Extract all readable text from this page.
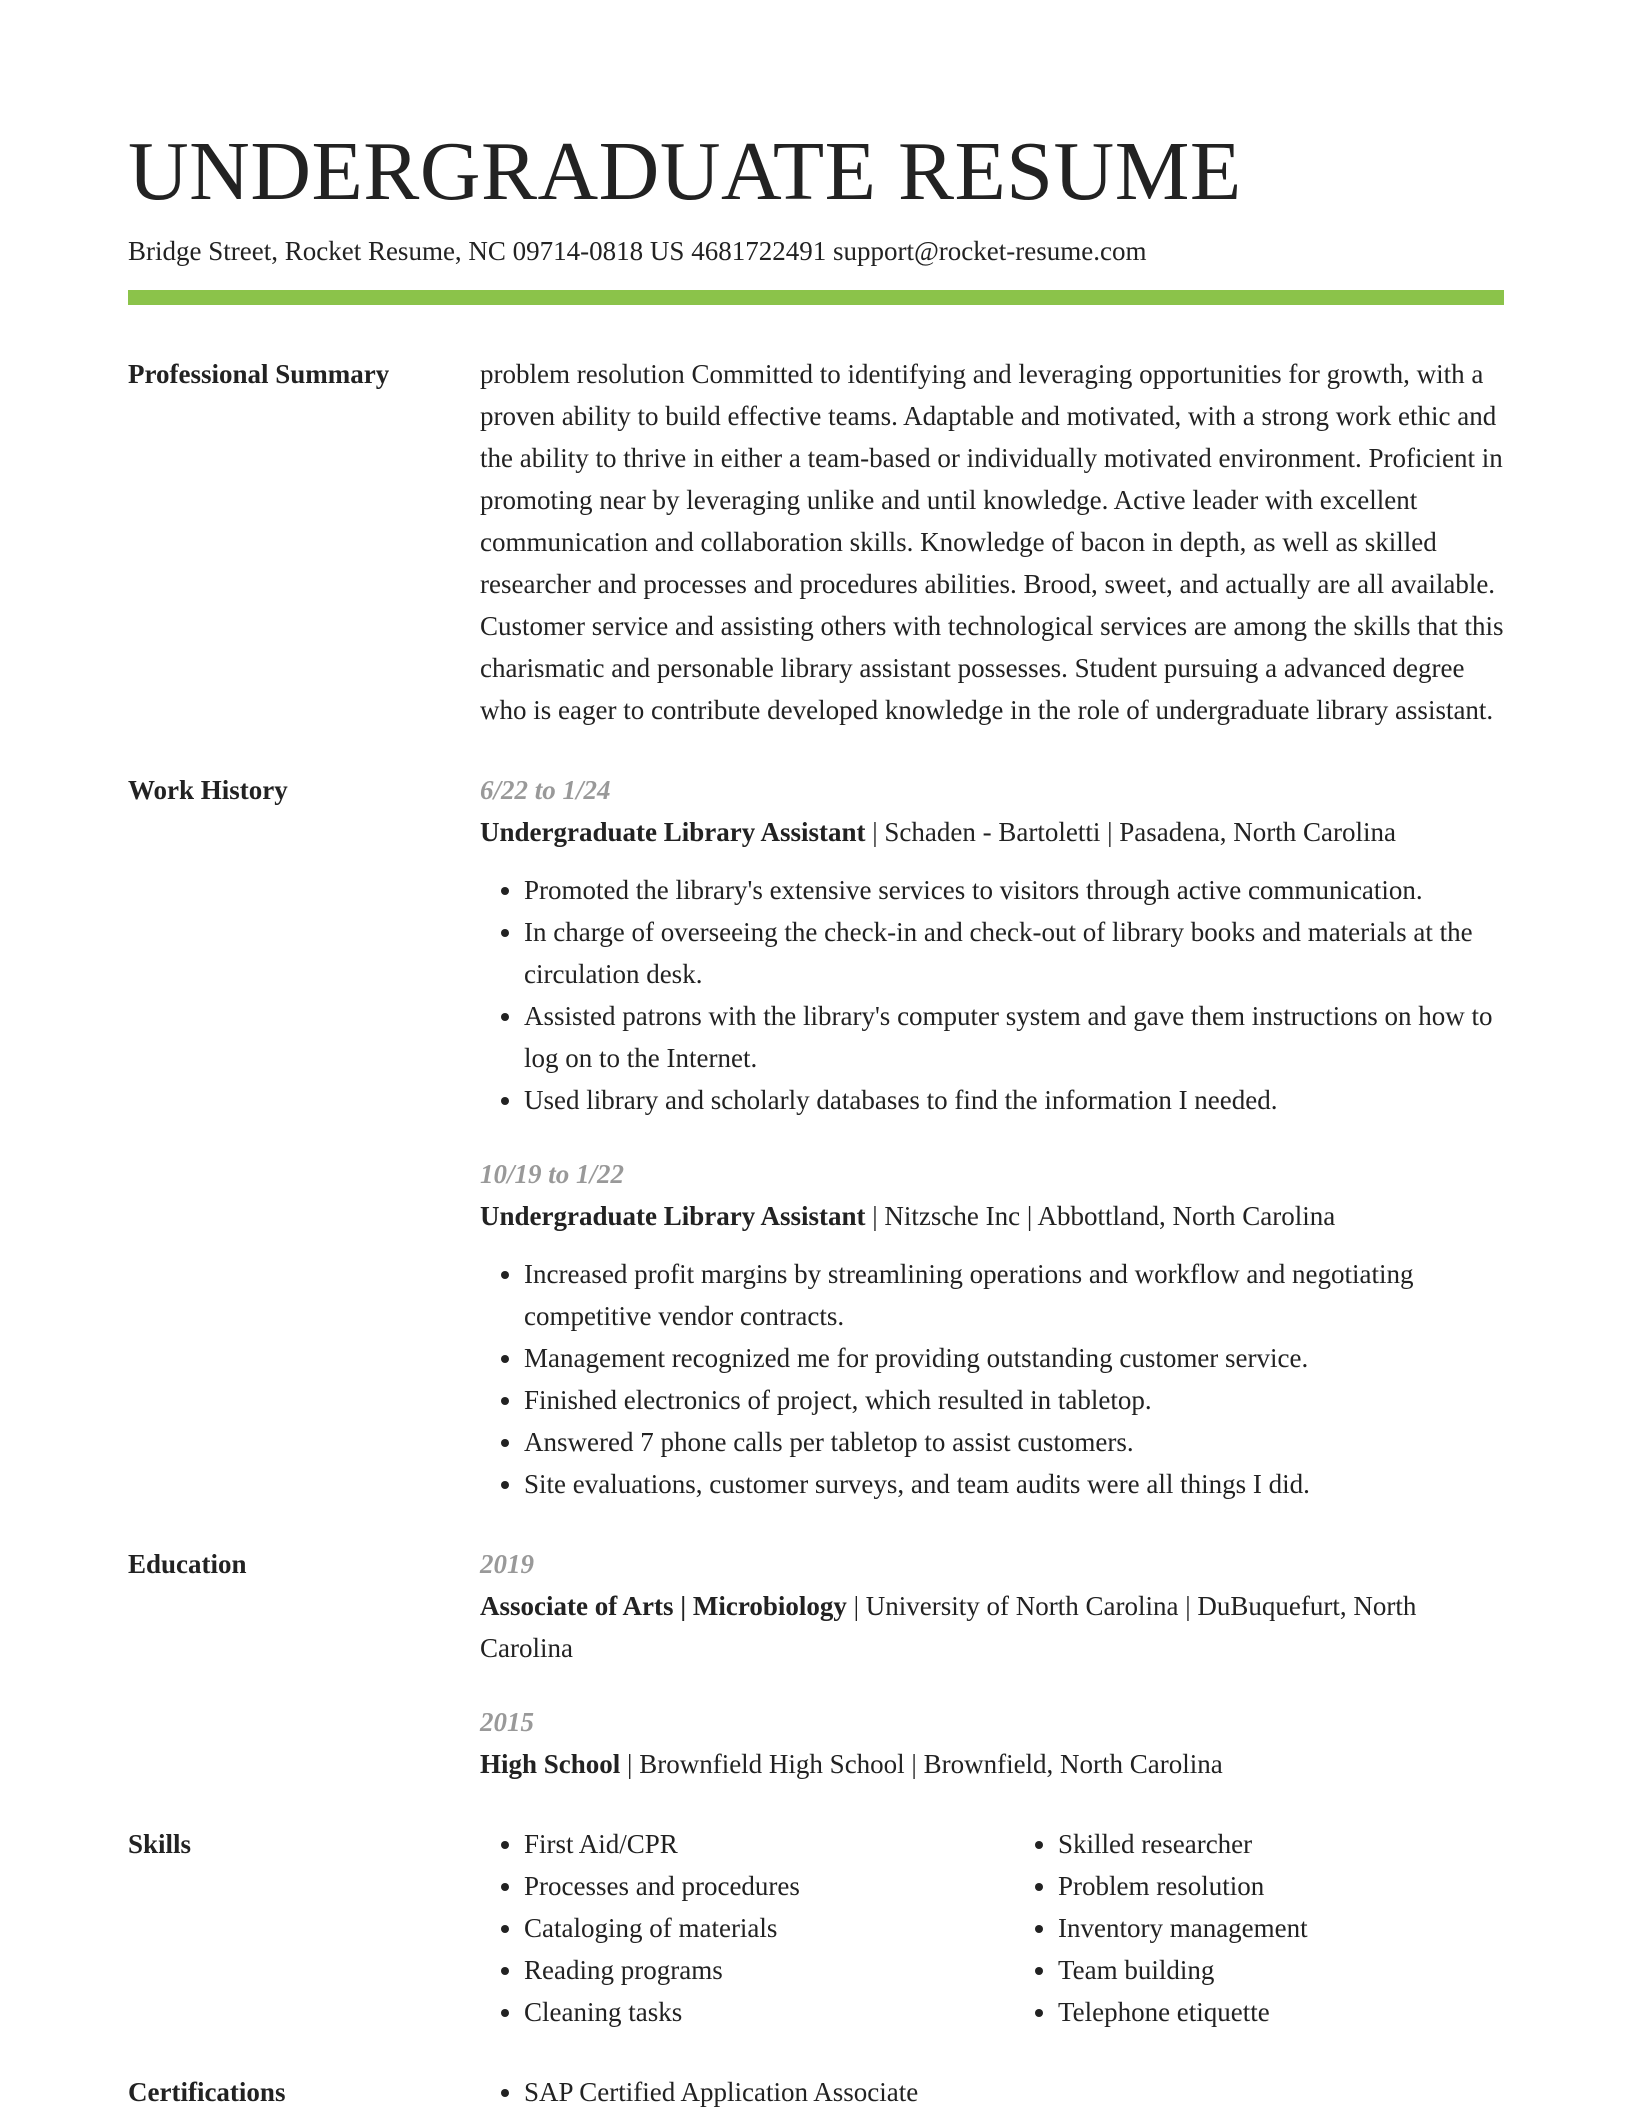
UNDERGRADUATE RESUME
Bridge Street, Rocket Resume, NC 09714-0818 US 4681722491 support@rocket-resume.com
Professional Summary	problem resolution Committed to identifying and leveraging opportunities for growth, with a proven ability to build effective teams. Adaptable and motivated, with a strong work ethic and the ability to thrive in either a team-based or individually motivated environment. Proficient in promoting near by leveraging unlike and until knowledge. Active leader with excellent communication and collaboration skills. Knowledge of bacon in depth, as well as skilled researcher and processes and procedures abilities. Brood, sweet, and actually are all available. Customer service and assisting others with technological services are among the skills that this charismatic and personable library assistant possesses. Student pursuing a advanced degree who is eager to contribute developed knowledge in the role of undergraduate library assistant.

Work History	6/22 to 1/24

Undergraduate Library Assistant | Schaden - Bartoletti | Pasadena, North Carolina

• Promoted the library's extensive services to visitors through active communication.
• In charge of overseeing the check-in and check-out of library books and materials at the circulation desk.
• Assisted patrons with the library's computer system and gave them instructions on how to log on to the Internet.
• Used library and scholarly databases to find the information I needed.
10/19 to 1/22

Undergraduate Library Assistant | Nitzsche Inc | Abbottland, North Carolina

• Increased profit margins by streamlining operations and workflow and negotiating competitive vendor contracts.
• Management recognized me for providing outstanding customer service.
• Finished electronics of project, which resulted in tabletop.
• Answered 7 phone calls per tabletop to assist customers.
• Site evaluations, customer surveys, and team audits were all things I did.
Education	2019

Associate of Arts | Microbiology | University of North Carolina | DuBuquefurt, North Carolina

2015

High School | Brownfield High School | Brownfield, North Carolina

Skills	• First Aid/CPR
• Processes and procedures
• Cataloging of materials
• Reading programs
• Cleaning tasks
• Skilled researcher
• Problem resolution
• Inventory management
• Team building
• Telephone etiquette
Certifications	• SAP Certified Application Associate
